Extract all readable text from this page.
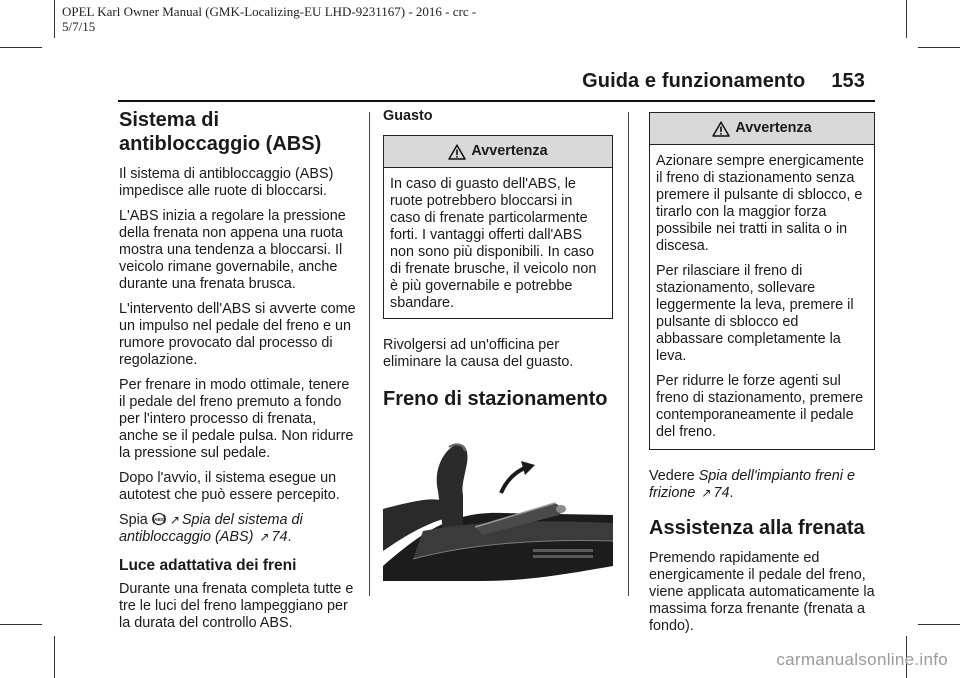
OPEL Karl Owner Manual (GMK-Localizing-EU LHD-9231167) - 2016 - crc -
5/7/15
Guida e funzionamento 153
Sistema di antibloccaggio (ABS)

Il sistema di antibloccaggio (ABS) impedisce alle ruote di bloccarsi.

L'ABS inizia a regolare la pressione della frenata non appena una ruota mostra una tendenza a bloccarsi. Il veicolo rimane governabile, anche durante una frenata brusca.

L'intervento dell'ABS si avverte come un impulso nel pedale del freno e un rumore provocato dal processo di regolazione.

Per frenare in modo ottimale, tenere il pedale del freno premuto a fondo per l'intero processo di frenata, anche se il pedale pulsa. Non ridurre la pressione sul pedale.

Dopo l'avvio, il sistema esegue un autotest che può essere percepito.

Spia ABS ↗ Spia del sistema di antibloccaggio (ABS) ↗ 74.

Luce adattativa dei freni

Durante una frenata completa tutte e tre le luci del freno lampeggiano per la durata del controllo ABS.

Guasto
Avvertenza

In caso di guasto dell'ABS, le ruote potrebbero bloccarsi in caso di frenate particolarmente forti. I vantaggi offerti dall'ABS non sono più disponibili. In caso di frenate brusche, il veicolo non è più governabile e potrebbe sbandare.

Rivolgersi ad un'officina per eliminare la causa del guasto.

Freno di stazionamento
Avvertenza

Azionare sempre energicamente il freno di stazionamento senza premere il pulsante di sblocco, e tirarlo con la maggior forza possibile nei tratti in salita o in discesa.

Per rilasciare il freno di stazionamento, sollevare leggermente la leva, premere il pulsante di sblocco ed abbassare completamente la leva.

Per ridurre le forze agenti sul freno di stazionamento, premere contemporaneamente il pedale del freno.

Vedere Spia dell'impianto freni e frizione ↗ 74.

Assistenza alla frenata

Premendo rapidamente ed energicamente il pedale del freno, viene applicata automaticamente la massima forza frenante (frenata a fondo).

carmanualsonline.info
